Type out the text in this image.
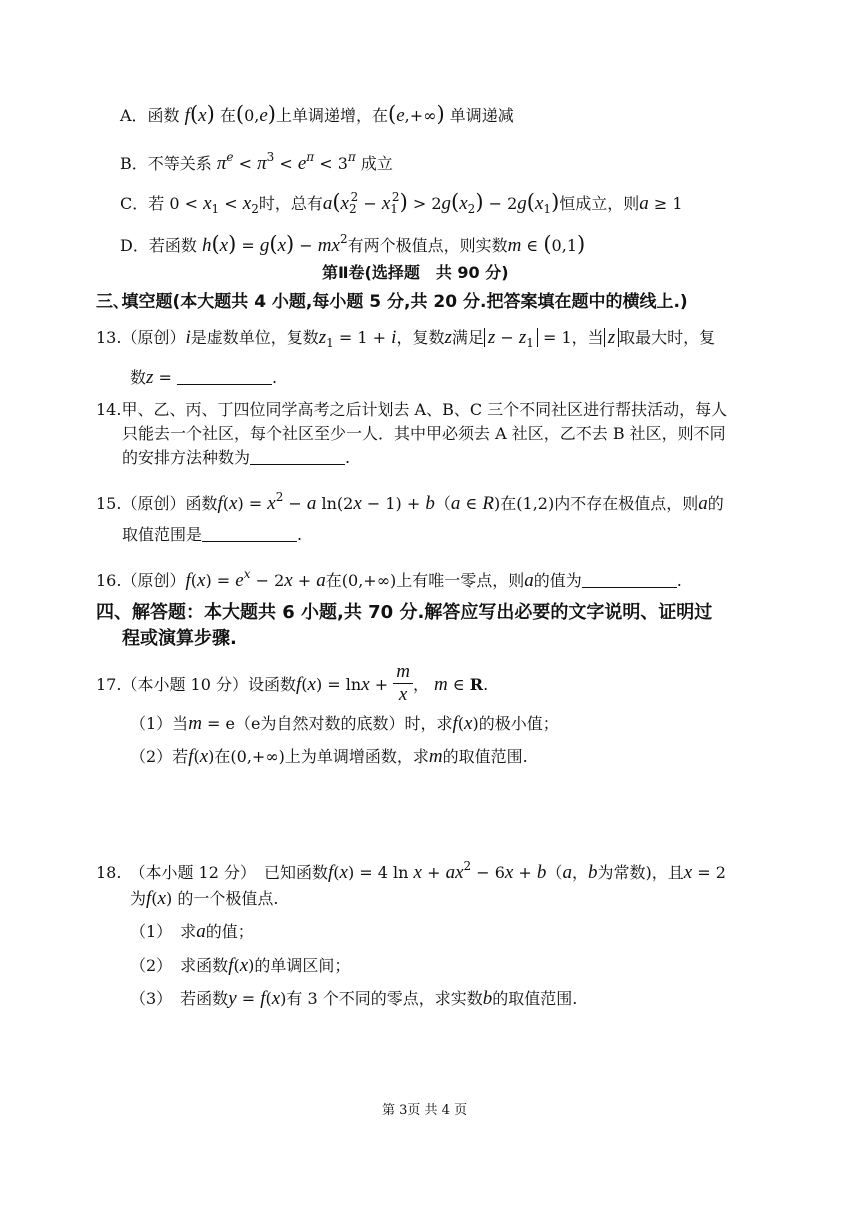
A．函数 f(x) 在(0,e)上单调递增，在(e,+∞) 单调递减
B．不等关系 $\pi^e < \pi^3 < e^\pi < 3^\pi$ 成立
C．若 $0 < x_1 < x_2$时，总有$a(x_2^2 - x_1^2) > 2g(x_2) - 2g(x_1)$恒成立，则a ≥ 1
D．若函数 $h(x) = g(x) - mx^2$有两个极值点，则实数m ∈ (0,1)
第Ⅱ卷(选择题　共 90 分)
三､填空题(本大题共 4 小题,每小题 5 分,共 20 分.把答案填在题中的横线上.)
13.（原创）i是虚数单位，复数$z_1 = 1 + i$，复数z满足 $z - z_1 = 1$，当 z 取最大时，复
数z =	.
14.甲、乙、丙、丁四位同学高考之后计划去 A、B、C 三个不同社区进行帮扶活动，每人
只能去一个社区，每个社区至少一人．其中甲必须去 A 社区，乙不去 B 社区，则不同
的安排方法种数为	.
15.（原创）函数$f(x) = x^2 - a$ ln(2x − 1) + b（a ∈ R)在(1,2)内不存在极值点，则a的
取值范围是	.
16.（原创）$f(x) = e^x - 2x + a$在(0,+∞)上有唯一零点，则a的值为	.
四、解答题：本大题共 6 小题,共 70 分.解答应写出必要的文字说明、证明过
程或演算步骤.
17.（本小题 10 分）设函数$f(x) = \ln x + \frac{m}{x}$ ， m ∈ R.
（1）当m = e（e为自然对数的底数）时，求f(x)的极小值；
（2）若f(x)在(0,+∞)上为单调增函数，求m的取值范围.
18.　（本小题 12 分）　已知函数f(x) = 4 $\ln x + ax^2 - 6x + b(a$，b为常数)，且x = 2
为f(x) 的一个极值点.
（1）　求a的值；
（2）　求函数f(x)的单调区间；
（3）　若函数y = f(x)有 3 个不同的零点，求实数b的取值范围.
第 3页 共 4 页
